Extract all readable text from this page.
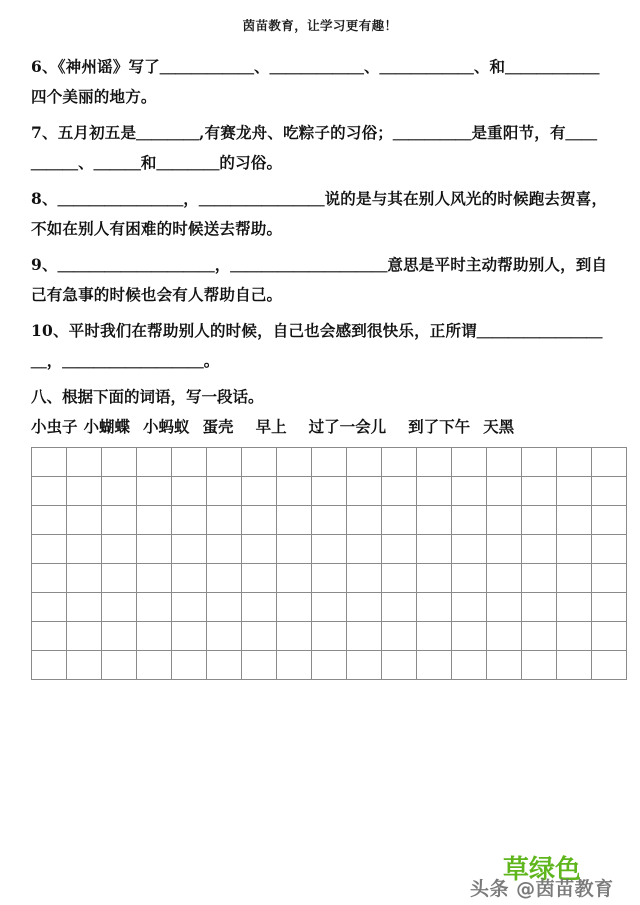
茵苗教育，让学习更有趣！
6、《神州谣》写了＿＿＿＿＿＿、＿＿＿＿＿＿、＿＿＿＿＿＿、和＿＿＿＿＿＿四个美丽的地方。
7、五月初五是＿＿＿＿,有赛龙舟、吃粽子的习俗；＿＿＿＿＿是重阳节，有＿＿＿＿＿、＿＿＿和＿＿＿＿的习俗。
8、＿＿＿＿＿＿＿＿，＿＿＿＿＿＿＿＿说的是与其在别人风光的时候跑去贺喜，不如在别人有困难的时候送去帮助。
9、＿＿＿＿＿＿＿＿＿＿，＿＿＿＿＿＿＿＿＿＿意思是平时主动帮助别人，到自己有急事的时候也会有人帮助自己。
10、平时我们在帮助别人的时候，自己也会感到很快乐，正所谓＿＿＿＿＿＿＿＿＿，＿＿＿＿＿＿＿＿＿。
八、根据下面的词语，写一段话。
小虫子 小蝴蝶 小蚂蚁 蛋壳 早上 过了一会儿 到了下午 天黑

草绿色
头条 @茵苗教育
